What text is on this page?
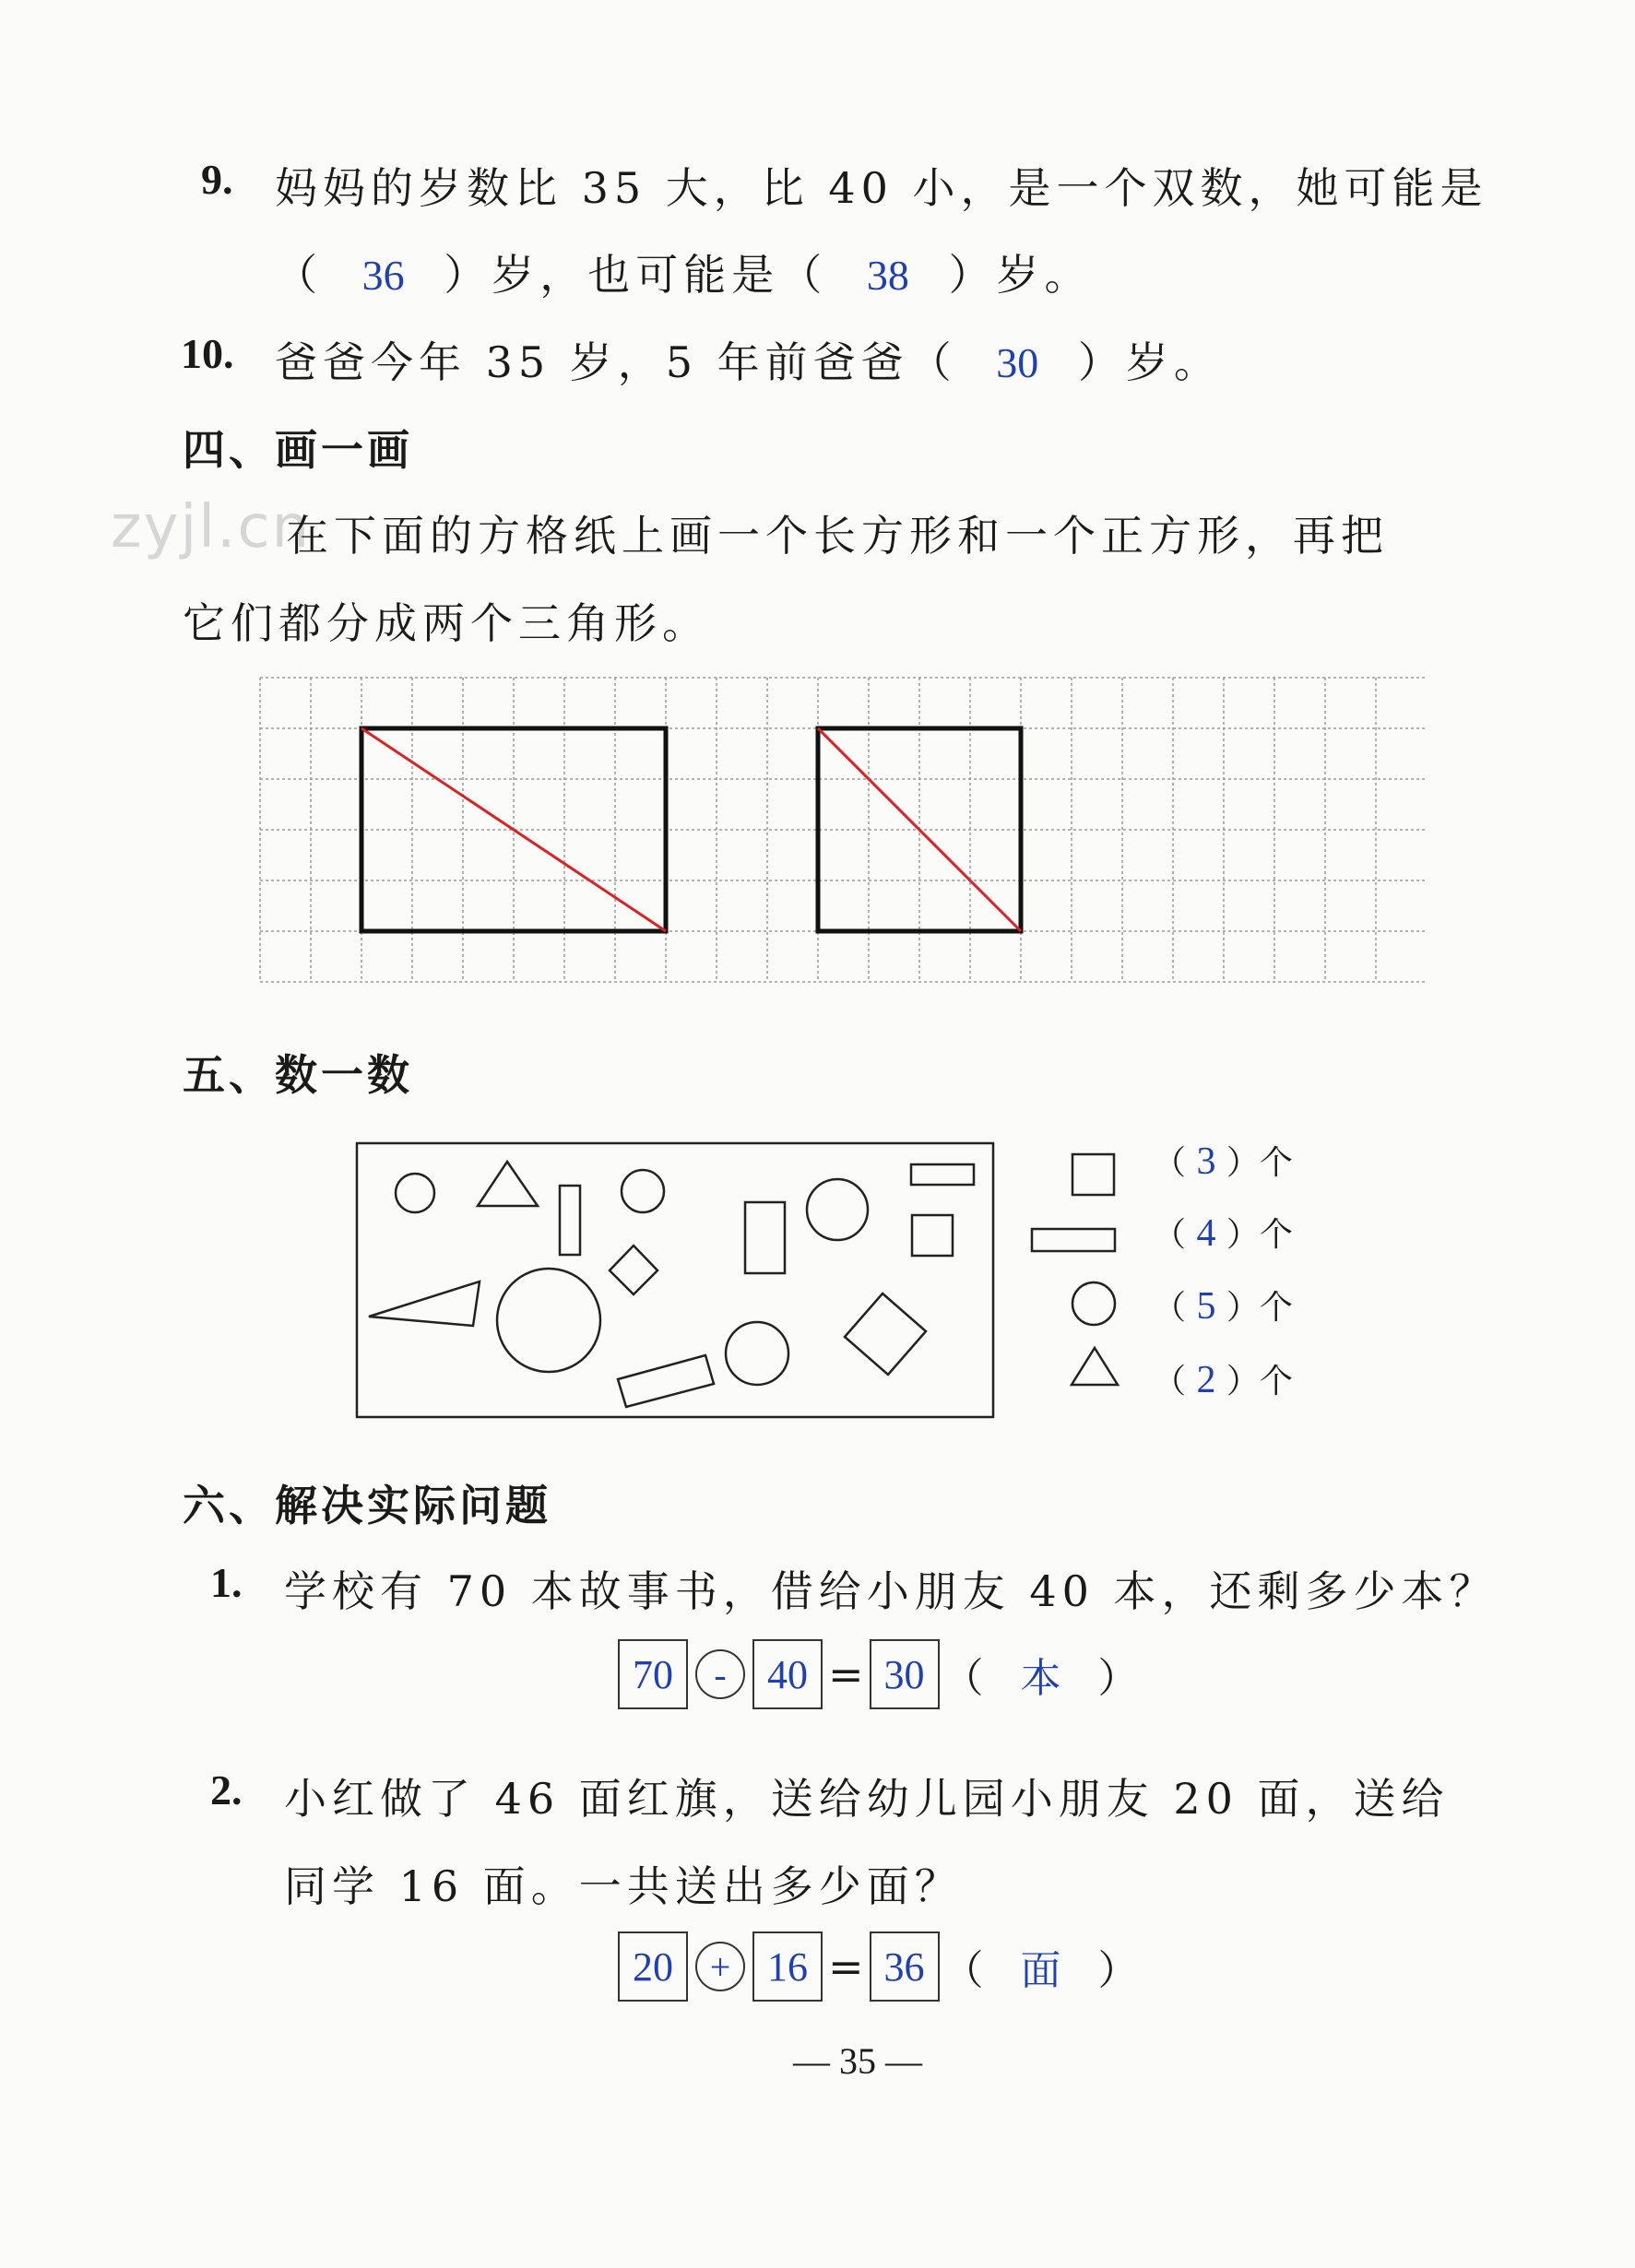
zyjl.cn
9. 妈妈的岁数比 35 大，比 40 小，是一个双数，她可能是
（ 36 ）岁，也可能是（ 38 ）岁。
10. 爸爸今年 35 岁，5 年前爸爸（ 30 ）岁。
四、画一画
在下面的方格纸上画一个长方形和一个正方形，再把
它们都分成两个三角形。
五、数一数
（ 3 ）个
（ 4 ）个
（ 5 ）个
（ 2 ）个
六、解决实际问题
1. 学校有 70 本故事书，借给小朋友 40 本，还剩多少本？
70	-	40 = 30 （ 本 ）
2. 小红做了 46 面红旗，送给幼儿园小朋友 20 面，送给
同学 16 面。一共送出多少面？
20 + 16 = 36 （ 面 ）
— 35 —
